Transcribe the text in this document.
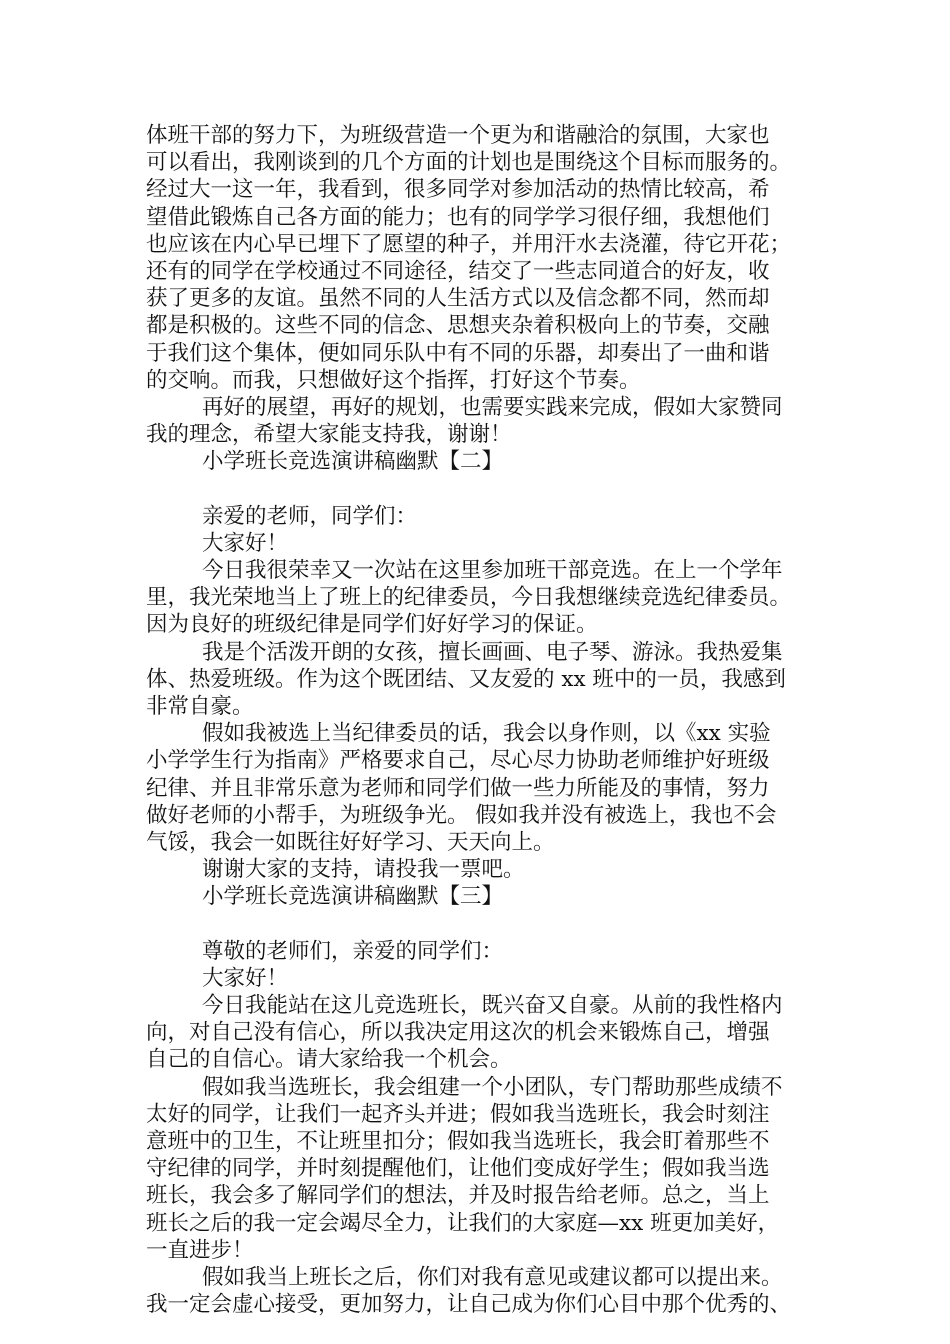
体班干部的努力下，为班级营造一个更为和谐融洽的氛围，大家也
可以看出，我刚谈到的几个方面的计划也是围绕这个目标而服务的。
经过大一这一年，我看到，很多同学对参加活动的热情比较高，希
望借此锻炼自己各方面的能力；也有的同学学习很仔细，我想他们
也应该在内心早已埋下了愿望的种子，并用汗水去浇灌，待它开花；
还有的同学在学校通过不同途径，结交了一些志同道合的好友，收
获了更多的友谊。虽然不同的人生活方式以及信念都不同，然而却
都是积极的。这些不同的信念、思想夹杂着积极向上的节奏，交融
于我们这个集体，便如同乐队中有不同的乐器，却奏出了一曲和谐
的交响。而我，只想做好这个指挥，打好这个节奏。
再好的展望，再好的规划，也需要实践来完成，假如大家赞同
我的理念，希望大家能支持我，谢谢！
小学班长竞选演讲稿幽默【二】
亲爱的老师，同学们：
大家好！
今日我很荣幸又一次站在这里参加班干部竞选。在上一个学年
里，我光荣地当上了班上的纪律委员，今日我想继续竞选纪律委员。
因为良好的班级纪律是同学们好好学习的保证。
我是个活泼开朗的女孩，擅长画画、电子琴、游泳。我热爱集
体、热爱班级。作为这个既团结、又友爱的 xx 班中的一员，我感到
非常自豪。
假如我被选上当纪律委员的话，我会以身作则，以《xx 实验
小学学生行为指南》严格要求自己，尽心尽力协助老师维护好班级
纪律、并且非常乐意为老师和同学们做一些力所能及的事情，努力
做好老师的小帮手，为班级争光。 假如我并没有被选上，我也不会
气馁，我会一如既往好好学习、天天向上。
谢谢大家的支持，请投我一票吧。
小学班长竞选演讲稿幽默【三】
尊敬的老师们，亲爱的同学们：
大家好！
今日我能站在这儿竞选班长，既兴奋又自豪。从前的我性格内
向，对自己没有信心，所以我决定用这次的机会来锻炼自己，增强
自己的自信心。请大家给我一个机会。
假如我当选班长，我会组建一个小团队，专门帮助那些成绩不
太好的同学，让我们一起齐头并进；假如我当选班长，我会时刻注
意班中的卫生，不让班里扣分；假如我当选班长，我会盯着那些不
守纪律的同学，并时刻提醒他们，让他们变成好学生；假如我当选
班长，我会多了解同学们的想法，并及时报告给老师。总之，当上
班长之后的我一定会竭尽全力，让我们的大家庭—xx 班更加美好，
一直进步！
假如我当上班长之后，你们对我有意见或建议都可以提出来。
我一定会虚心接受，更加努力，让自己成为你们心目中那个优秀的、
